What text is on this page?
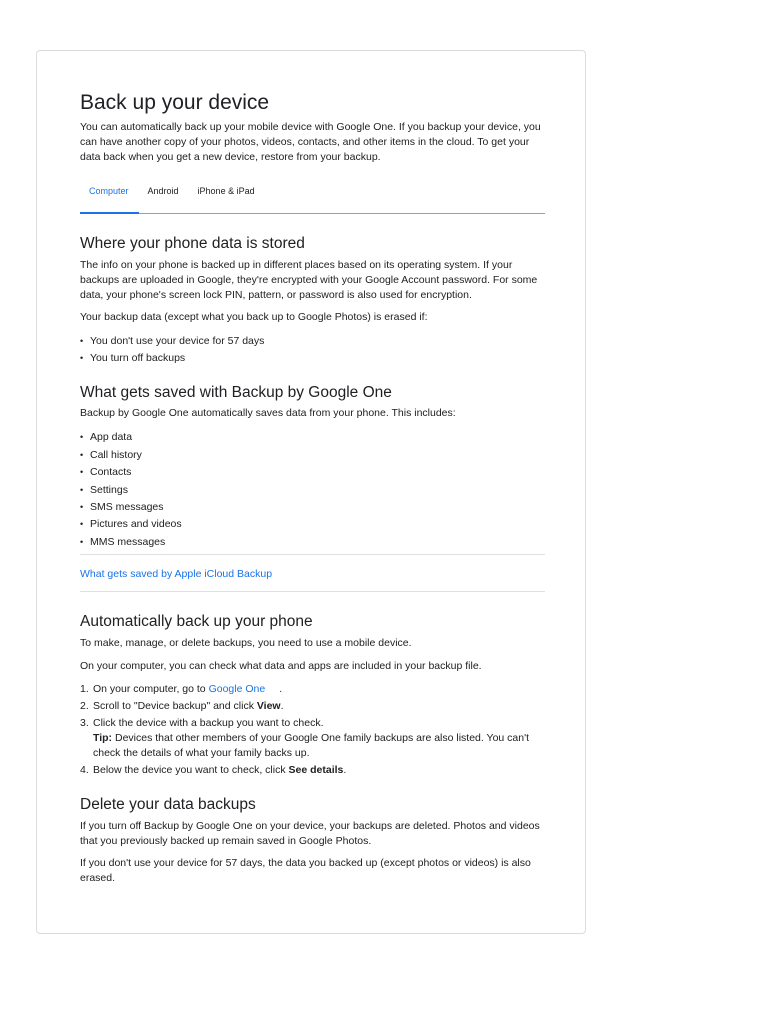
Back up your device

You can automatically back up your mobile device with Google One. If you backup your device, you can have another copy of your photos, videos, contacts, and other items in the cloud. To get your data back when you get a new device, restore from your backup.

Computer	Android	iPhone & iPad
Where your phone data is stored

The info on your phone is backed up in different places based on its operating system. If your backups are uploaded in Google, they're encrypted with your Google Account password. For some data, your phone's screen lock PIN, pattern, or password is also used for encryption.

Your backup data (except what you back up to Google Photos) is erased if:

• You don't use your device for 57 days
• You turn off backups
What gets saved with Backup by Google One

Backup by Google One automatically saves data from your phone. This includes:

• App data
• Call history
• Contacts
• Settings
• SMS messages
• Pictures and videos
• MMS messages
What gets saved by Apple iCloud Backup
Automatically back up your phone

To make, manage, or delete backups, you need to use a mobile device.

On your computer, you can check what data and apps are included in your backup file.

On your computer, go to Google One .
Scroll to "Device backup" and click View.
Click the device with a backup you want to check.
Tip: Devices that other members of your Google One family backups are also listed. You can't check the details of what your family backs up.
Below the device you want to check, click See details.
Delete your data backups

If you turn off Backup by Google One on your device, your backups are deleted. Photos and videos that you previously backed up remain saved in Google Photos.

If you don't use your device for 57 days, the data you backed up (except photos or videos) is also erased.
